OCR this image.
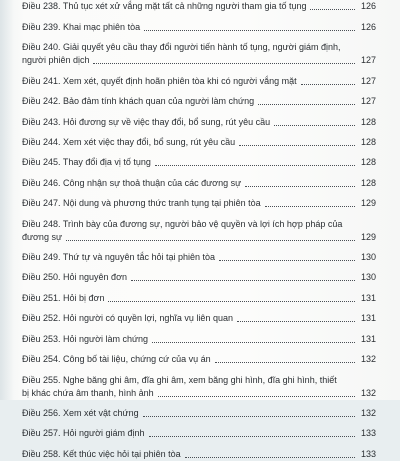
Điều 238. Thủ tục xét xử vắng mặt tất cả những người tham gia tố tụng	126
Điều 239. Khai mạc phiên tòa	126
Điều 240. Giải quyết yêu cầu thay đổi người tiến hành tố tụng, người giám định,
người phiên dịch	127
Điều 241. Xem xét, quyết định hoãn phiên tòa khi có người vắng mặt	127
Điều 242. Bảo đảm tính khách quan của người làm chứng	127
Điều 243. Hỏi đương sự về việc thay đổi, bổ sung, rút yêu cầu	128
Điều 244. Xem xét việc thay đổi, bổ sung, rút yêu cầu	128
Điều 245. Thay đổi địa vị tố tụng	128
Điều 246. Công nhận sự thoả thuận của các đương sự	128
Điều 247. Nội dung và phương thức tranh tụng tại phiên tòa	129
Điều 248. Trình bày của đương sự, người bảo vệ quyền và lợi ích hợp pháp của
đương sự	129
Điều 249. Thứ tự và nguyên tắc hỏi tại phiên tòa	130
Điều 250. Hỏi nguyên đơn	130
Điều 251. Hỏi bị đơn	131
Điều 252. Hỏi người có quyền lợi, nghĩa vụ liên quan	131
Điều 253. Hỏi người làm chứng	131
Điều 254. Công bố tài liệu, chứng cứ của vụ án	132
Điều 255. Nghe băng ghi âm, đĩa ghi âm, xem băng ghi hình, đĩa ghi hình, thiết
bị khác chứa âm thanh, hình ảnh	132
Điều 256. Xem xét vật chứng	132
Điều 257. Hỏi người giám định	133
Điều 258. Kết thúc việc hỏi tại phiên tòa	133
